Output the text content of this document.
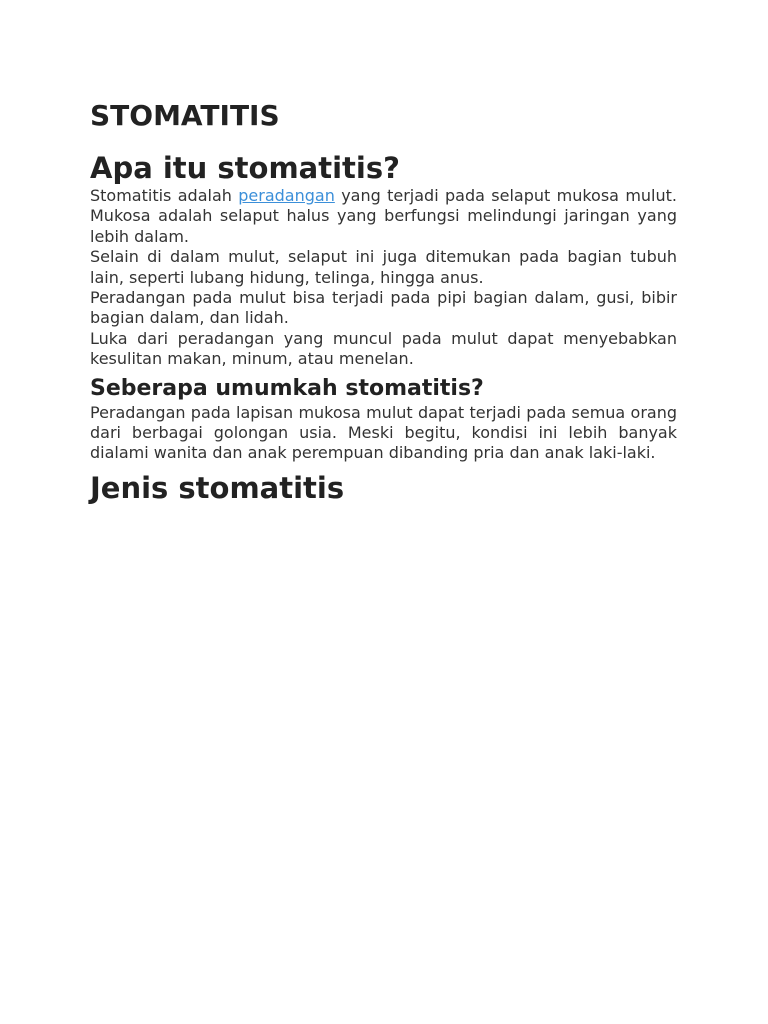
STOMATITIS
Apa itu stomatitis?

Stomatitis adalah peradangan yang terjadi pada selaput mukosa mulut. Mukosa adalah selaput halus yang berfungsi melindungi jaringan yang lebih dalam.

Selain di dalam mulut, selaput ini juga ditemukan pada bagian tubuh lain, seperti lubang hidung, telinga, hingga anus.

Peradangan pada mulut bisa terjadi pada pipi bagian dalam, gusi, bibir bagian dalam, dan lidah.

Luka dari peradangan yang muncul pada mulut dapat menyebabkan kesulitan makan, minum, atau menelan.

Seberapa umumkah stomatitis?

Peradangan pada lapisan mukosa mulut dapat terjadi pada semua orang dari berbagai golongan usia. Meski begitu, kondisi ini lebih banyak dialami wanita dan anak perempuan dibanding pria dan anak laki-laki.

Jenis stomatitis
